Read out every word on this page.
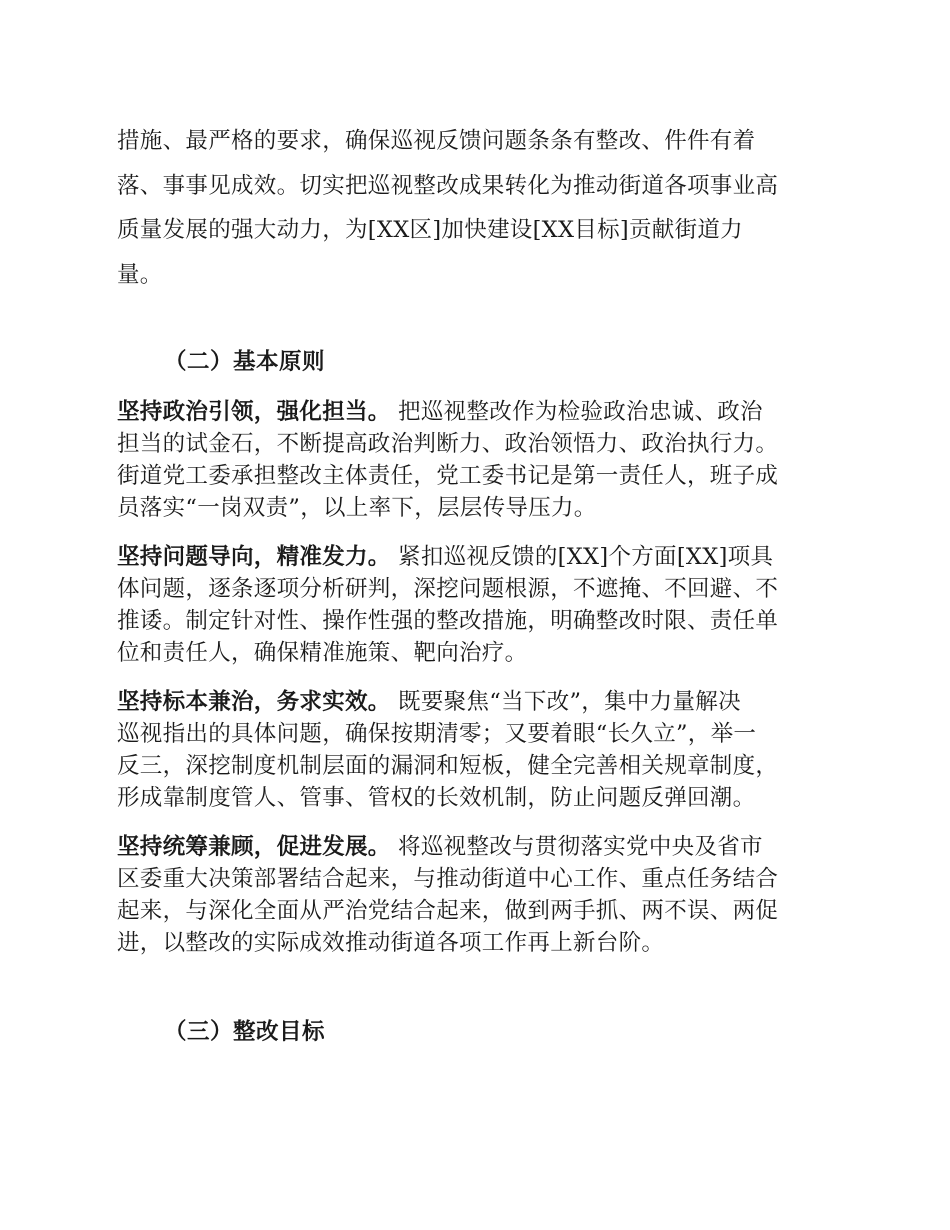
措施、最严格的要求，确保巡视反馈问题条条有整改、件件有着
落、事事见成效。切实把巡视整改成果转化为推动街道各项事业高
质量发展的强大动力，为[XX区]加快建设[XX目标]贡献街道力
量。
（二）基本原则
坚持政治引领，强化担当。 把巡视整改作为检验政治忠诚、政治
担当的试金石，不断提高政治判断力、政治领悟力、政治执行力。
街道党工委承担整改主体责任，党工委书记是第一责任人，班子成
员落实“一岗双责”，以上率下，层层传导压力。
坚持问题导向，精准发力。 紧扣巡视反馈的[XX]个方面[XX]项具
体问题，逐条逐项分析研判，深挖问题根源，不遮掩、不回避、不
推诿。制定针对性、操作性强的整改措施，明确整改时限、责任单
位和责任人，确保精准施策、靶向治疗。
坚持标本兼治，务求实效。 既要聚焦“当下改”，集中力量解决
巡视指出的具体问题，确保按期清零；又要着眼“长久立”，举一
反三，深挖制度机制层面的漏洞和短板，健全完善相关规章制度，
形成靠制度管人、管事、管权的长效机制，防止问题反弹回潮。
坚持统筹兼顾，促进发展。 将巡视整改与贯彻落实党中央及省市
区委重大决策部署结合起来，与推动街道中心工作、重点任务结合
起来，与深化全面从严治党结合起来，做到两手抓、两不误、两促
进，以整改的实际成效推动街道各项工作再上新台阶。
（三）整改目标
